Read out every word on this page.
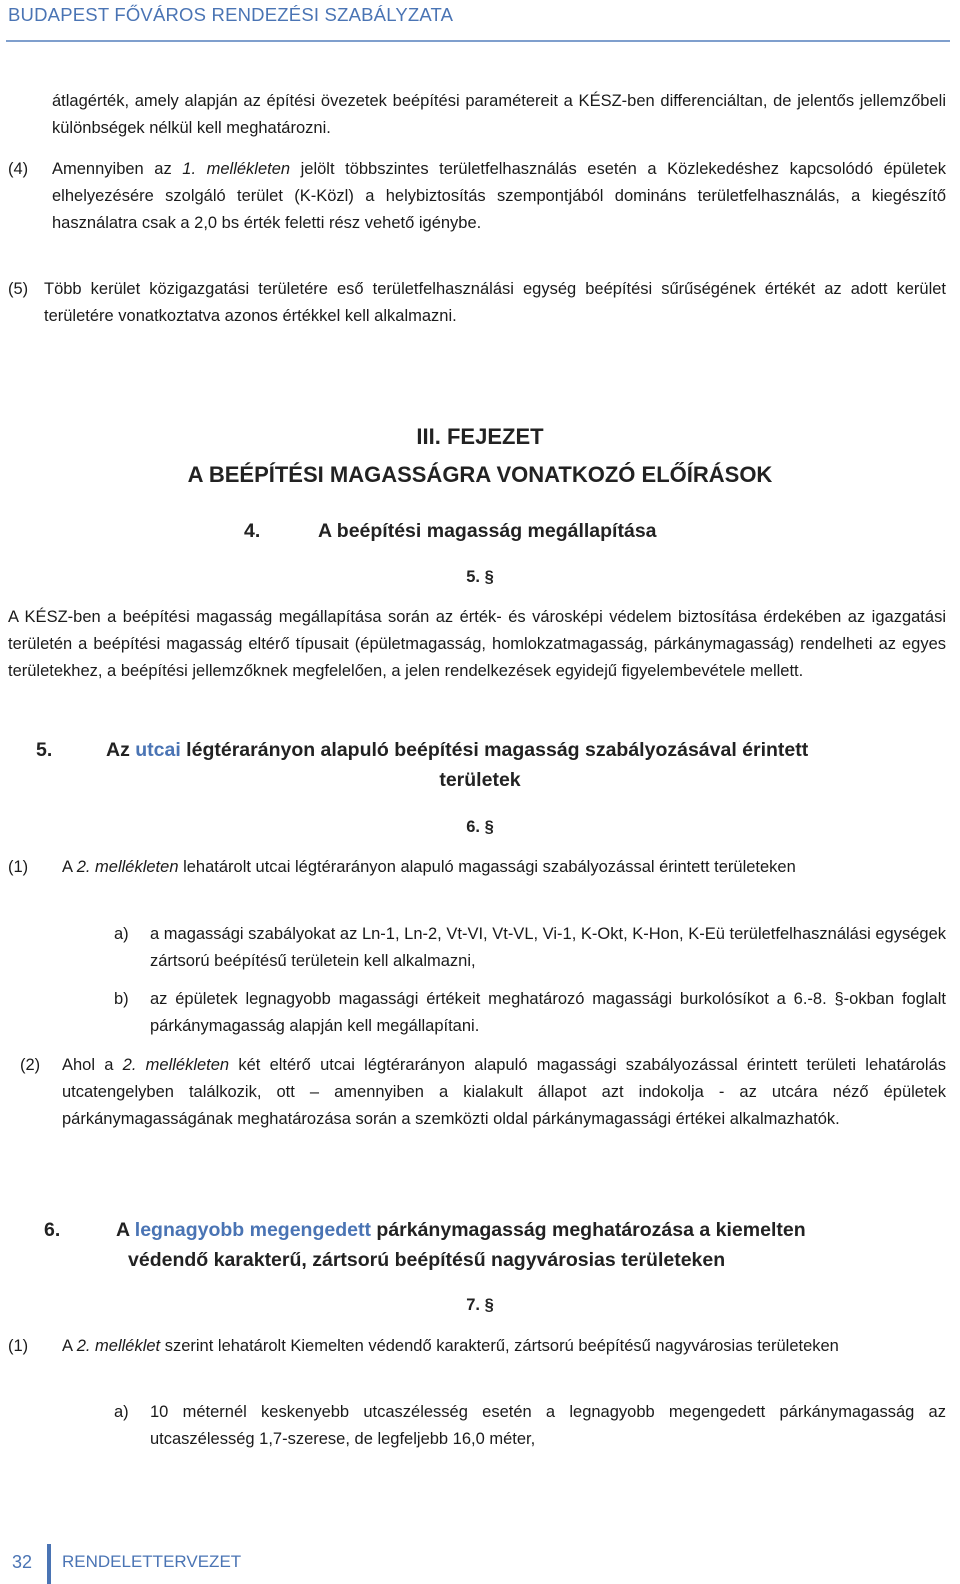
BUDAPEST FŐVÁROS RENDEZÉSI SZABÁLYZATA

átlagérték, amely alapján az építési övezetek beépítési paramétereit a KÉSZ-ben differenciáltan, de jelentős jellemzőbeli különbségek nélkül kell meghatározni.

(4) Amennyiben az 1. mellékleten jelölt többszintes területfelhasználás esetén a Közlekedéshez kapcsolódó épületek elhelyezésére szolgáló terület (K-Közl) a helybiztosítás szempontjából domináns területfelhasználás, a kiegészítő használatra csak a 2,0 bs érték feletti rész vehető igénybe.

(5) Több kerület közigazgatási területére eső területfelhasználási egység beépítési sűrűségének értékét az adott kerület területére vonatkoztatva azonos értékkel kell alkalmazni.

III. FEJEZET
A BEÉPÍTÉSI MAGASSÁGRA VONATKOZÓ ELŐÍRÁSOK
4.	A beépítési magasság megállapítása
5. §

A KÉSZ-ben a beépítési magasság megállapítása során az érték- és városképi védelem biztosítása érdekében az igazgatási területén a beépítési magasság eltérő típusait (épületmagasság, homlokzatmagasság, párkánymagasság) rendelheti az egyes területekhez, a beépítési jellemzőknek megfelelően, a jelen rendelkezések egyidejű figyelembevétele mellett.

5.	Az utcai légtérarányon alapuló beépítési magasság szabályozásával érintett
területek
6. §
(1) A 2. mellékleten lehatárolt utcai légtérarányon alapuló magassági szabályozással érintett területeken

a) a magassági szabályokat az Ln-1, Ln-2, Vt-VI, Vt-VL, Vi-1, K-Okt, K-Hon, K-Eü területfelhasználási egységek zártsorú beépítésű területein kell alkalmazni,

b) az épületek legnagyobb magassági értékeit meghatározó magassági burkolósíkot a 6.-8. §-okban foglalt párkánymagasság alapján kell megállapítani.

(2) Ahol a 2. mellékleten két eltérő utcai légtérarányon alapuló magassági szabályozással érintett területi lehatárolás utcatengelyben találkozik, ott – amennyiben a kialakult állapot azt indokolja - az utcára néző épületek párkánymagasságának meghatározása során a szemközti oldal párkánymagassági értékei alkalmazhatók.

6.	A legnagyobb megengedett párkánymagasság meghatározása a kiemelten
védendő karakterű, zártsorú beépítésű nagyvárosias területeken
7. §
(1) A 2. melléklet szerint lehatárolt Kiemelten védendő karakterű, zártsorú beépítésű nagyvárosias területeken

a) 10 méternél keskenyebb utcaszélesség esetén a legnagyobb megengedett párkánymagasság az utcaszélesség 1,7-szerese, de legfeljebb 16,0 méter,

32 RENDELETTERVEZET
